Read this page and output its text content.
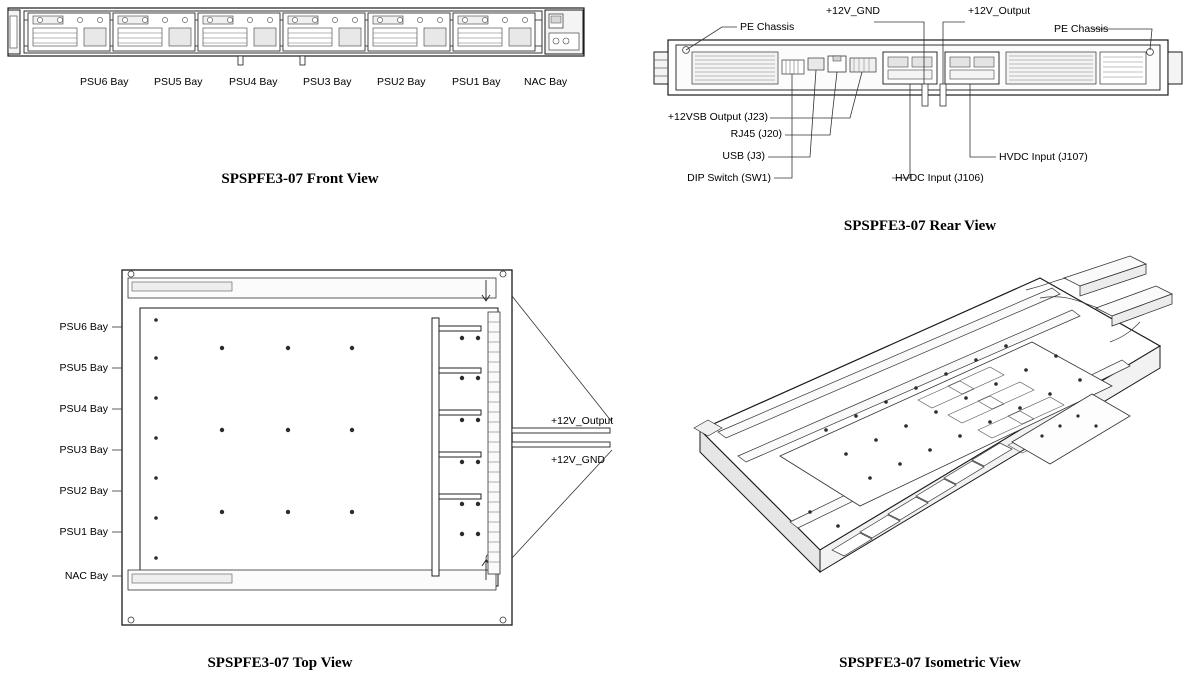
PSU6 Bay PSU5 Bay	PSU4 Bay PSU3 Bay PSU2 Bay	PSU1 Bay NAC Bay
SPSPFE3-07 Front View
PE Chassis
+12V_GND	+12V_Output
PE Chassis
+12VSB Output (J23)
RJ45 (J20)
USB (J3)
DIP Switch (SW1)	HVDC Input (J106)
HVDC Input (J107)
SPSPFE3-07 Rear View
PSU6 Bay
PSU5 Bay
PSU4 Bay
PSU3 Bay
PSU2 Bay
PSU1 Bay
NAC Bay
+12V_Output
+12V_GND
SPSPFE3-07 Top View	SPSPFE3-07 Isometric View
